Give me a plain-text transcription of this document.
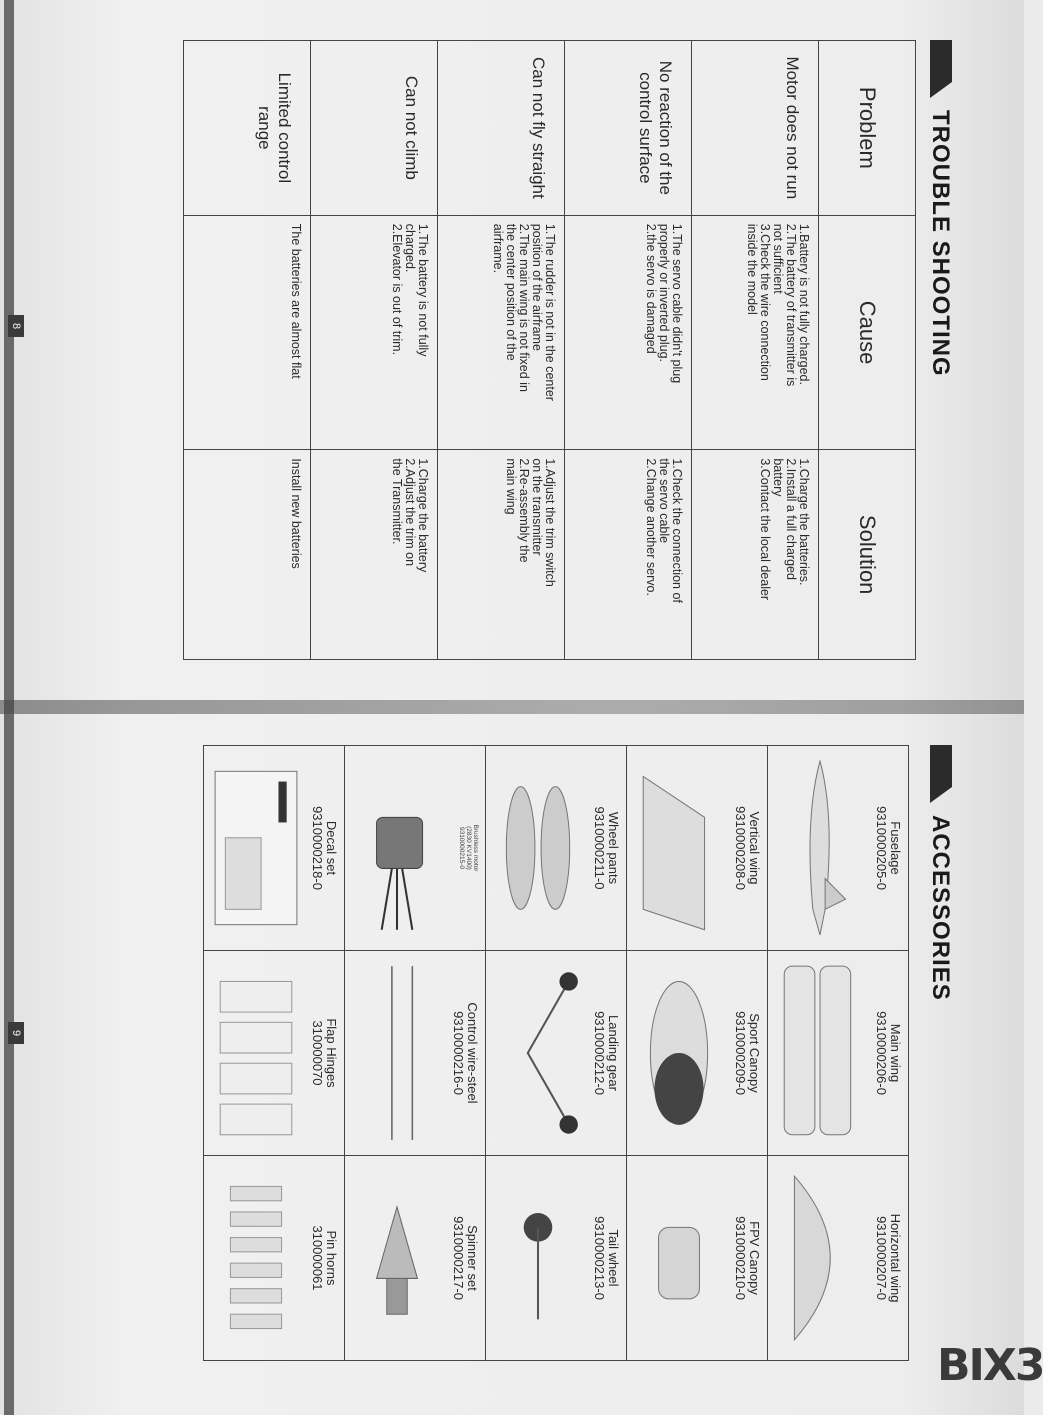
TROUBLE SHOOTING
Problem	Cause	Solution
Motor does not run	1.Battery is not fully charged.
2.The battery of transmitter is
not sufficient
3.Check the wire connection
inside the model	1.Charge the batteries.
2.Install a full charged
battery
3.Contact the local dealer

No reaction of the control surface	1.The servo cable didn't plug
properly or inverted plug.
2.the servo is damaged	1.Check the connection of
the servo cable
2.Change another servo.

Can not fly straight	1.The rudder is not in the center
position of the airframe
2.The main wing is not fixed in
the center position of the
airframe.	1.Adjust the trim switch
on the transmitter
2.Re-assembly the
main wing

Can not climb	1.The battery is not fully
charged.
2.Elevator is out of trim.	1.Charge the battery
2.Adjust the trim on
the Transmitter.

Limited control range	The batteries are almost flat	Install new batteries
8
ACCESSORIES
Fuselage
9310000205-0	Main wing
9310000206-0	Horizontal wing
9310000207-0

Vertical wing
9310000208-0	Sport Canopy
9310000209-0	FPV Canopy
9310000210-0

Wheel pants
9310000211-0	Landing gear
9310000212-0	Tail wheel
9310000213-0

Brushless motor
(2830 KV1400)
9310000215-0	Control wire-steel
9310000216-0	Spinner set
9310000217-0

Decal set
9310000218-0	Flap Hinges
310000070	Pin horns
310000061
9
BIX3
